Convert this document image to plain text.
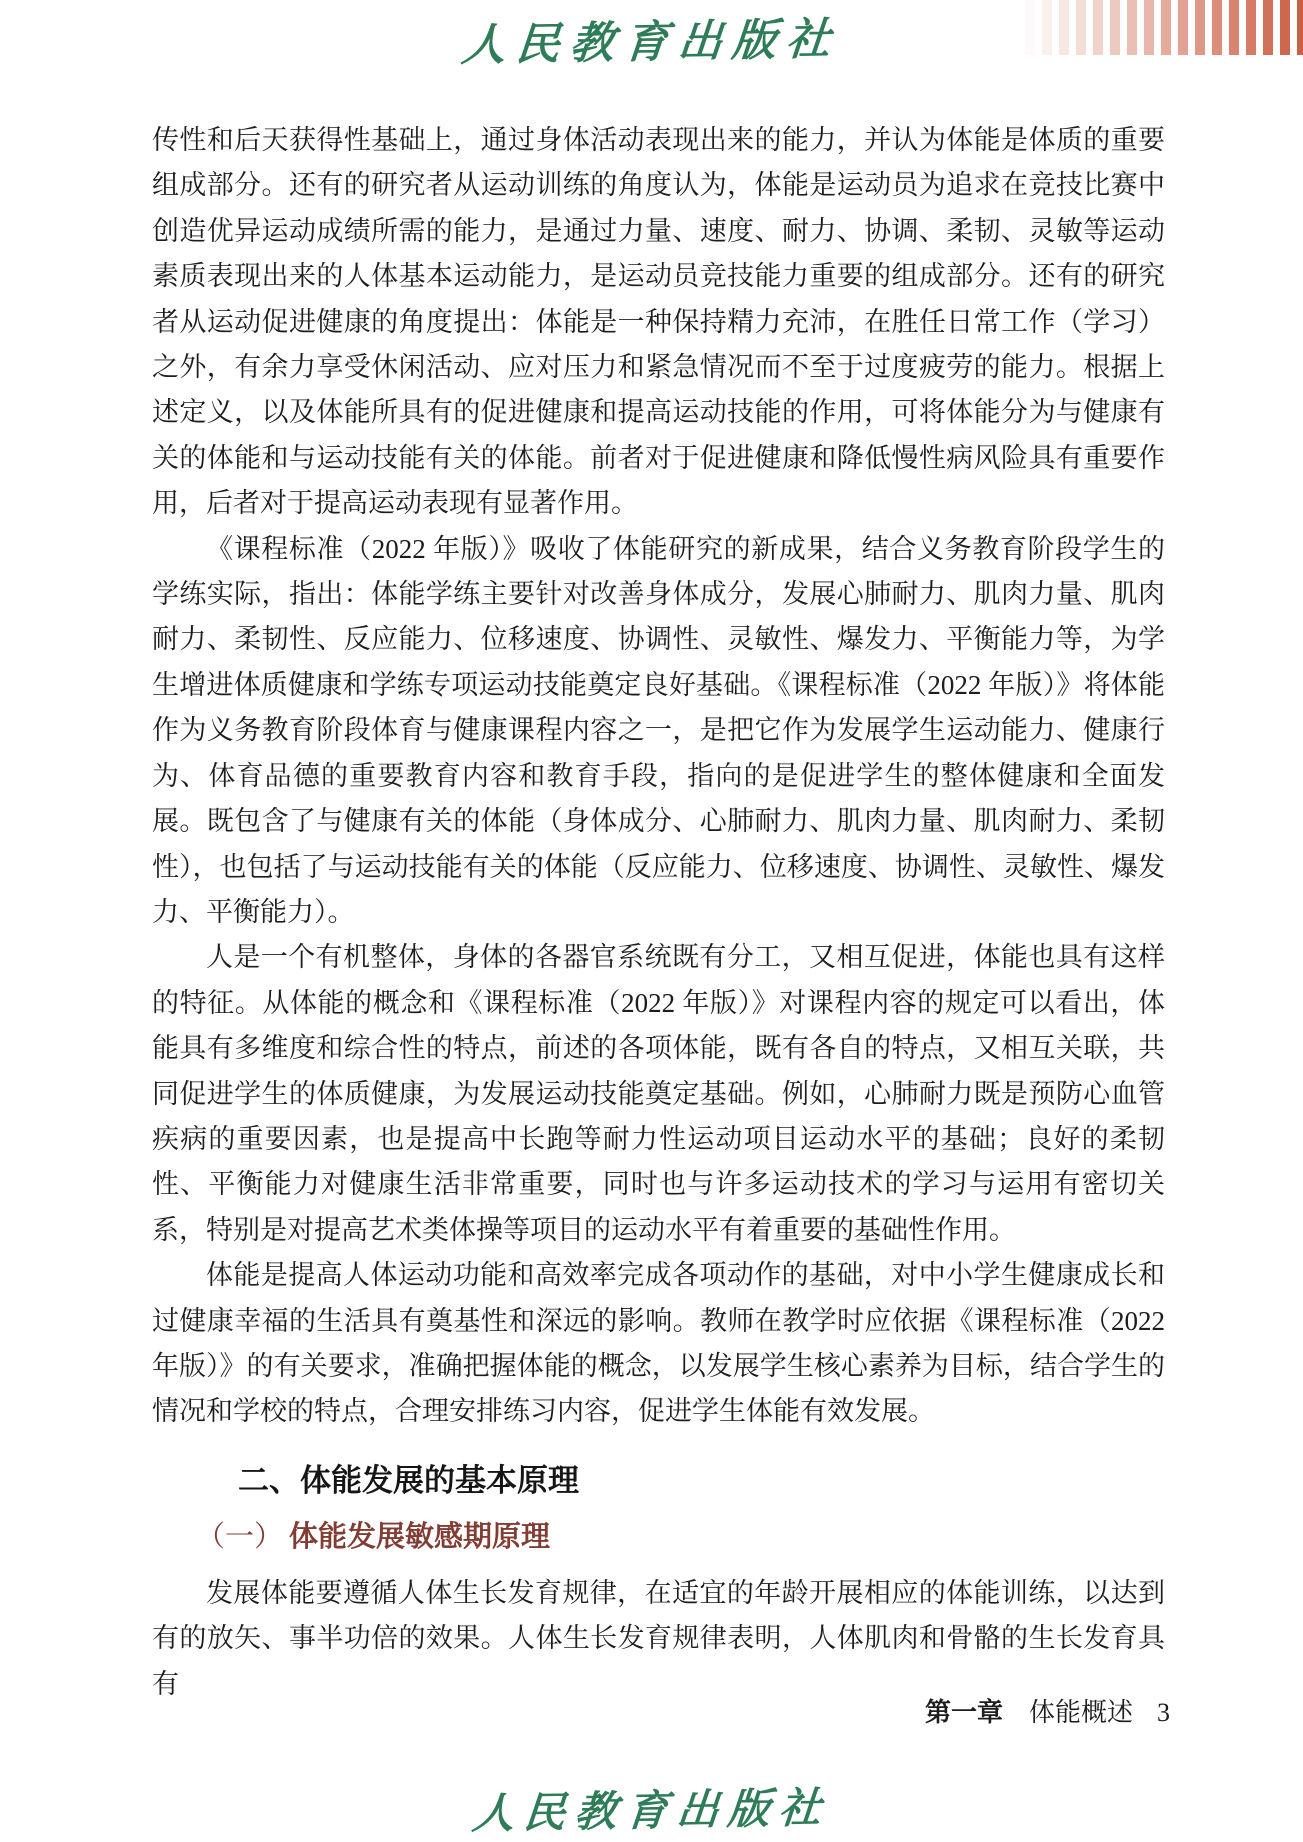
人民教育出版社

传性和后天获得性基础上，通过身体活动表现出来的能力，并认为体能是体质的重要组成部分。还有的研究者从运动训练的角度认为，体能是运动员为追求在竞技比赛中创造优异运动成绩所需的能力，是通过力量、速度、耐力、协调、柔韧、灵敏等运动素质表现出来的人体基本运动能力，是运动员竞技能力重要的组成部分。还有的研究者从运动促进健康的角度提出：体能是一种保持精力充沛，在胜任日常工作（学习）之外，有余力享受休闲活动、应对压力和紧急情况而不至于过度疲劳的能力。根据上述定义，以及体能所具有的促进健康和提高运动技能的作用，可将体能分为与健康有关的体能和与运动技能有关的体能。前者对于促进健康和降低慢性病风险具有重要作用，后者对于提高运动表现有显著作用。

《课程标准（2022 年版）》吸收了体能研究的新成果，结合义务教育阶段学生的学练实际，指出：体能学练主要针对改善身体成分，发展心肺耐力、肌肉力量、肌肉耐力、柔韧性、反应能力、位移速度、协调性、灵敏性、爆发力、平衡能力等，为学生增进体质健康和学练专项运动技能奠定良好基础。《课程标准（2022 年版）》将体能作为义务教育阶段体育与健康课程内容之一，是把它作为发展学生运动能力、健康行为、体育品德的重要教育内容和教育手段，指向的是促进学生的整体健康和全面发展。既包含了与健康有关的体能（身体成分、心肺耐力、肌肉力量、肌肉耐力、柔韧性），也包括了与运动技能有关的体能（反应能力、位移速度、协调性、灵敏性、爆发力、平衡能力）。

人是一个有机整体，身体的各器官系统既有分工，又相互促进，体能也具有这样的特征。从体能的概念和《课程标准（2022 年版）》对课程内容的规定可以看出，体能具有多维度和综合性的特点，前述的各项体能，既有各自的特点，又相互关联，共同促进学生的体质健康，为发展运动技能奠定基础。例如，心肺耐力既是预防心血管疾病的重要因素，也是提高中长跑等耐力性运动项目运动水平的基础；良好的柔韧性、平衡能力对健康生活非常重要，同时也与许多运动技术的学习与运用有密切关系，特别是对提高艺术类体操等项目的运动水平有着重要的基础性作用。

体能是提高人体运动功能和高效率完成各项动作的基础，对中小学生健康成长和过健康幸福的生活具有奠基性和深远的影响。教师在教学时应依据《课程标准（2022 年版）》的有关要求，准确把握体能的概念，以发展学生核心素养为目标，结合学生的情况和学校的特点，合理安排练习内容，促进学生体能有效发展。

二、体能发展的基本原理
（一） 体能发展敏感期原理

发展体能要遵循人体生长发育规律，在适宜的年龄开展相应的体能训练，以达到有的放矢、事半功倍的效果。人体生长发育规律表明，人体肌肉和骨骼的生长发育具有

第一章 体能概述 3
人民教育出版社
